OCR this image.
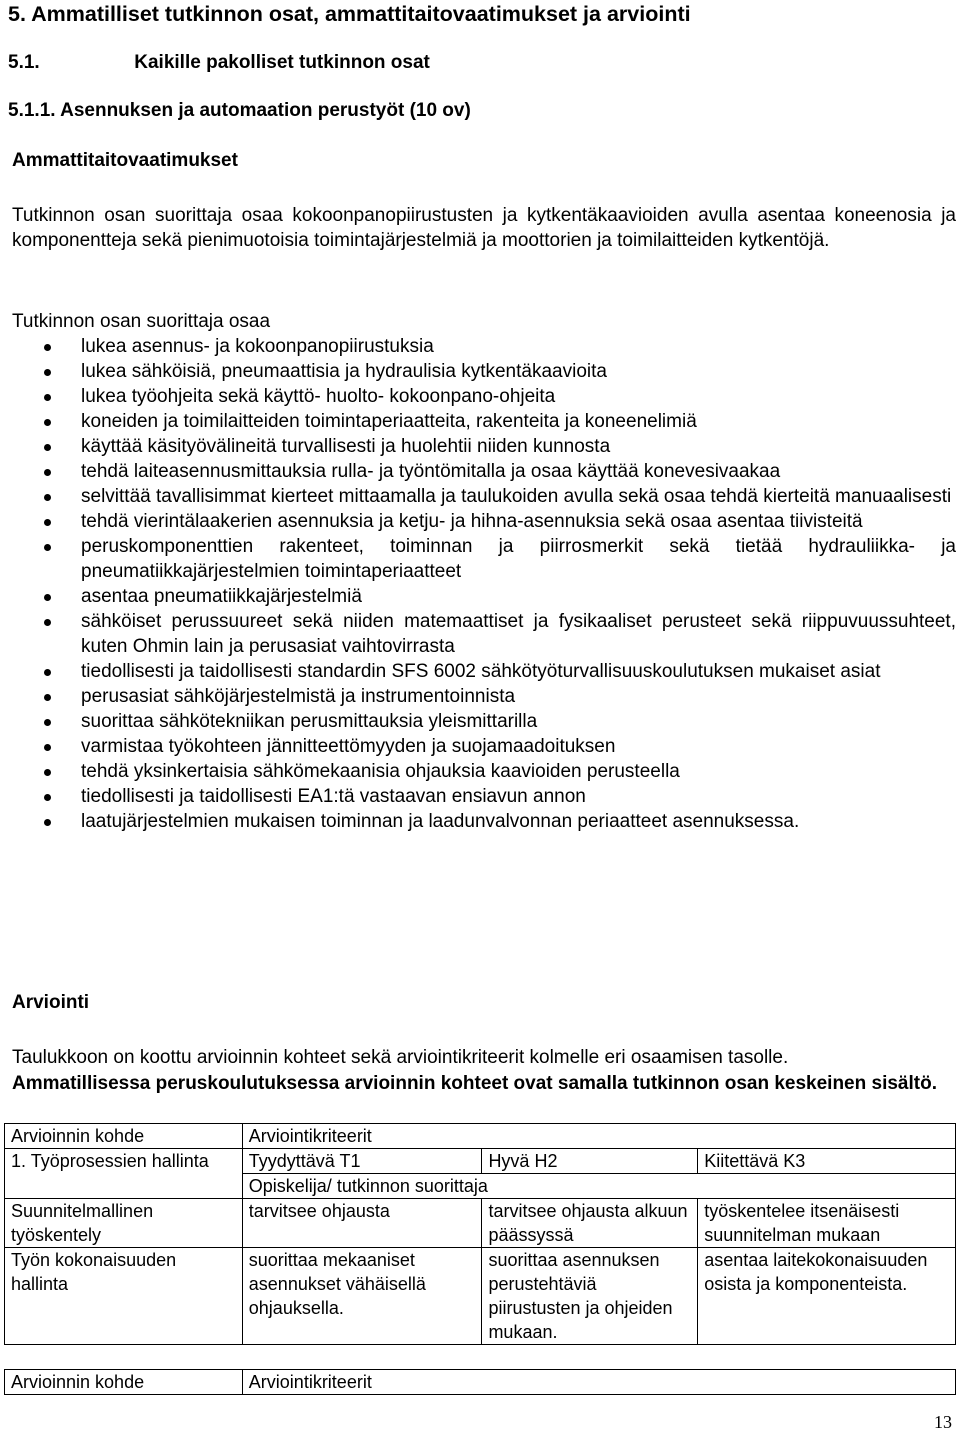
5. Ammatilliset tutkinnon osat, ammattitaitovaatimukset ja arviointi

5.1.	Kaikille pakolliset tutkinnon osat

5.1.1. Asennuksen ja automaation perustyöt (10 ov)

Ammattitaitovaatimukset

Tutkinnon osan suorittaja osaa kokoonpanopiirustusten ja kytkentäkaavioiden avulla asentaa koneenosia ja komponentteja sekä pienimuotoisia toimintajärjestelmiä ja moottorien ja toimilaitteiden kytkentöjä.

Tutkinnon osan suorittaja osaa

lukea asennus- ja kokoonpanopiirustuksia
lukea sähköisiä, pneumaattisia ja hydraulisia kytkentäkaavioita
lukea työohjeita sekä käyttö- huolto- kokoonpano-ohjeita
koneiden ja toimilaitteiden toimintaperiaatteita, rakenteita ja koneenelimiä
käyttää käsityövälineitä turvallisesti ja huolehtii niiden kunnosta
tehdä laiteasennusmittauksia rulla- ja työntömitalla ja osaa käyttää konevesivaakaa
selvittää tavallisimmat kierteet mittaamalla ja taulukoiden avulla sekä osaa tehdä kierteitä manuaalisesti
tehdä vierintälaakerien asennuksia ja ketju- ja hihna-asennuksia sekä osaa asentaa tiivisteitä
peruskomponenttien rakenteet, toiminnan ja piirrosmerkit sekä tietää hydrauliikka- ja pneumatiikkajärjestelmien toimintaperiaatteet
asentaa pneumatiikkajärjestelmiä
sähköiset perussuureet sekä niiden matemaattiset ja fysikaaliset perusteet sekä riippuvuussuhteet, kuten Ohmin lain ja perusasiat vaihtovirrasta
tiedollisesti ja taidollisesti standardin SFS 6002 sähkötyöturvallisuuskoulutuksen mukaiset asiat
perusasiat sähköjärjestelmistä ja instrumentoinnista
suorittaa sähkötekniikan perusmittauksia yleismittarilla
varmistaa työkohteen jännitteettömyyden ja suojamaadoituksen
tehdä yksinkertaisia sähkömekaanisia ohjauksia kaavioiden perusteella
tiedollisesti ja taidollisesti EA1:tä vastaavan ensiavun annon
laatujärjestelmien mukaisen toiminnan ja laadunvalvonnan periaatteet asennuksessa.

Arviointi

Taulukkoon on koottu arvioinnin kohteet sekä arviointikriteerit kolmelle eri osaamisen tasolle.

Ammatillisessa peruskoulutuksessa arvioinnin kohteet ovat samalla tutkinnon osan keskeinen sisältö.

Arvioinnin kohde	Arviointikriteerit		
1. Työprosessien hallinta	Tyydyttävä T1	Hyvä H2	Kiitettävä K3
	Opiskelija/ tutkinnon suorittaja		
Suunnitelmallinen työskentely	tarvitsee ohjausta	tarvitsee ohjausta alkuun päässyssä	työskentelee itsenäisesti suunnitelman mukaan
Työn kokonaisuuden hallinta	suorittaa mekaaniset asennukset vähäisellä ohjauksella.	suorittaa asennuksen perustehtäviä piirustusten ja ohjeiden mukaan.	asentaa laitekokonaisuuden osista ja komponenteista.
Arvioinnin kohde	Arviointikriteerit
13
